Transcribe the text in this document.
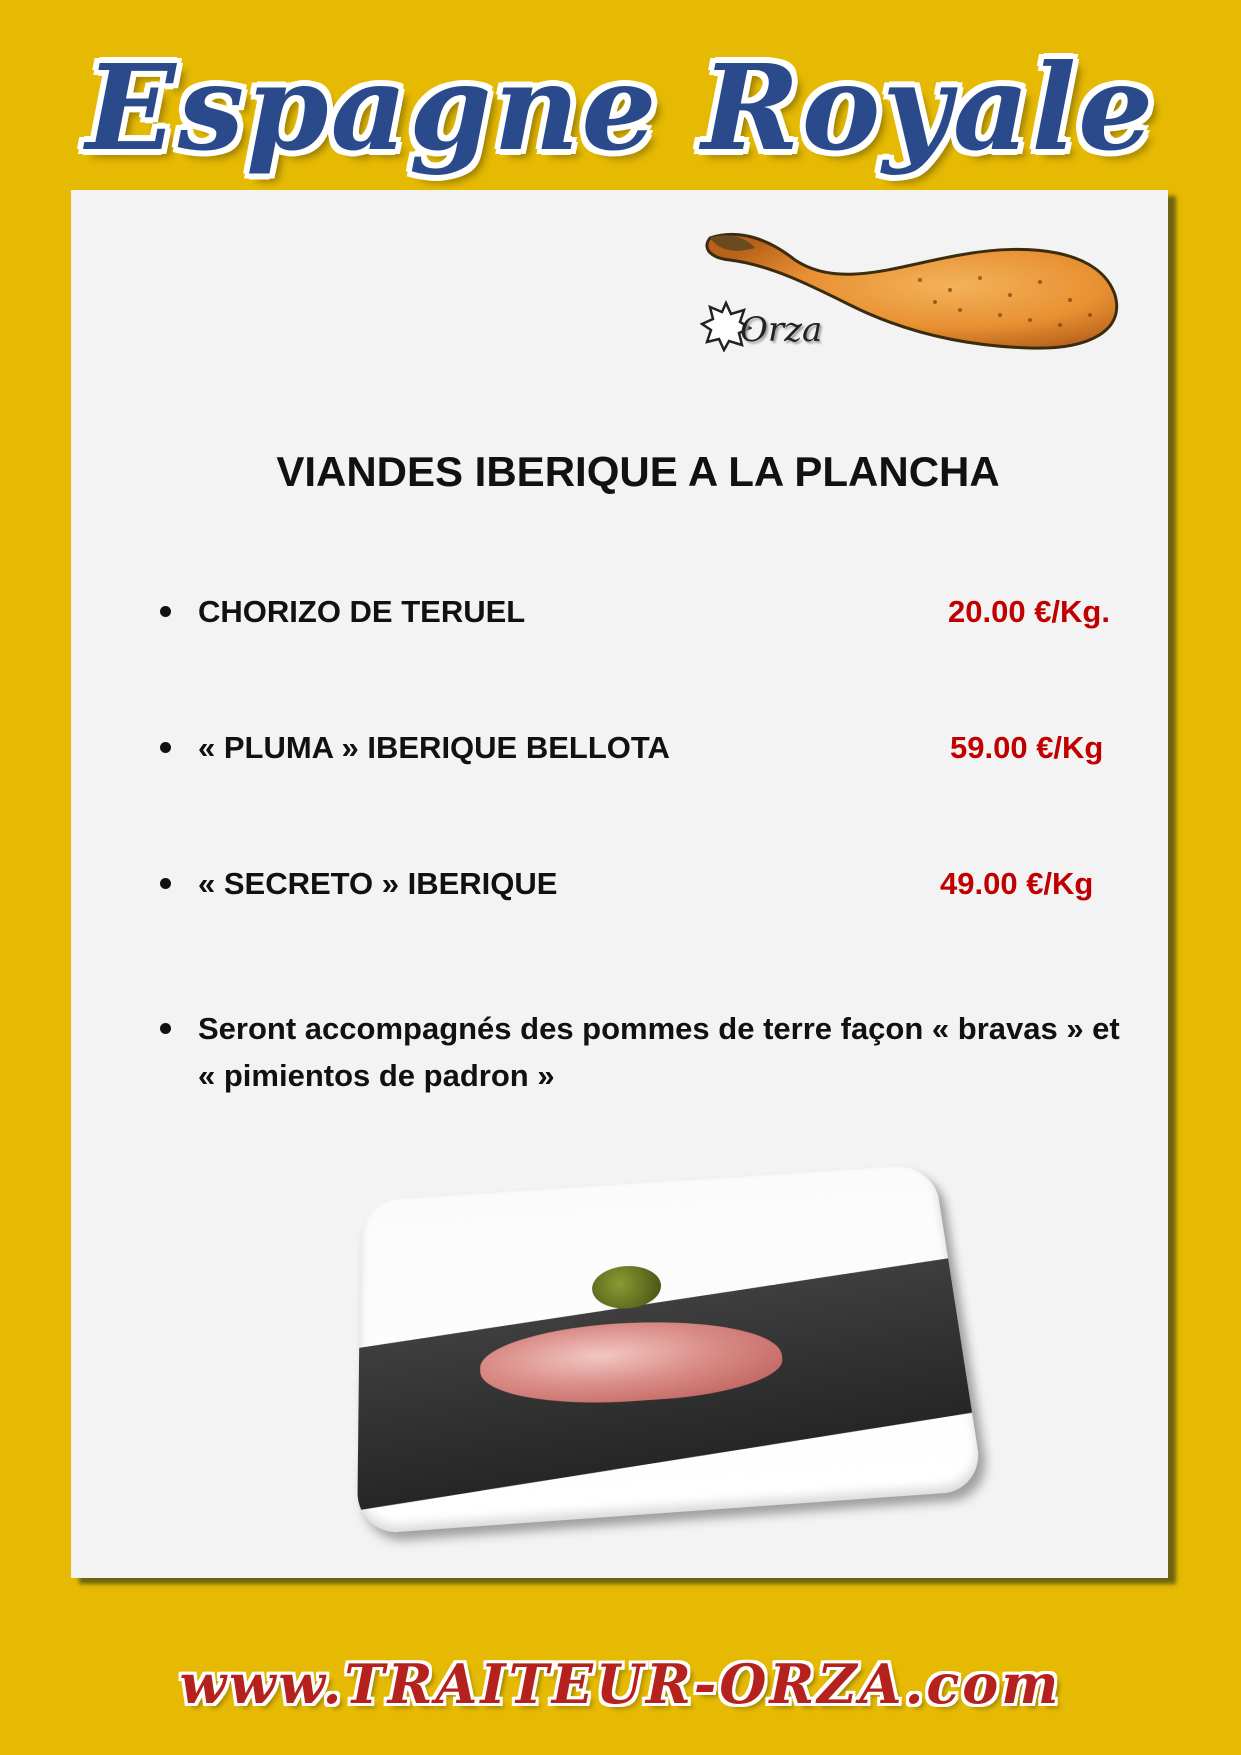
Espagne Royale
Orza
VIANDES IBERIQUE A LA PLANCHA
CHORIZO DE TERUEL	20.00 €/Kg.
« PLUMA » IBERIQUE BELLOTA	59.00 €/Kg
« SECRETO » IBERIQUE	49.00 €/Kg
Seront accompagnés des pommes de terre façon « bravas » et « pimientos de padron »
www.TRAITEUR-ORZA.com
